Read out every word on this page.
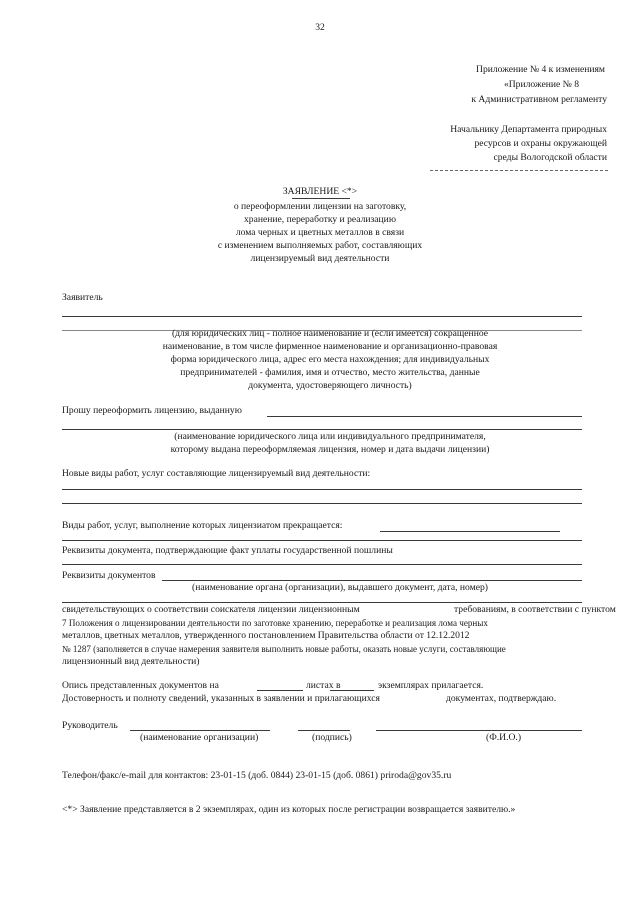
32
Приложение № 4 к изменениям
«Приложение № 8
к Административном регламенту
Начальнику Департамента природных
ресурсов и охраны окружающей
среды Вологодской области
ЗАЯВЛЕНИЕ <*>
о переоформлении лицензии на заготовку,
хранение, переработку и реализацию
лома черных и цветных металлов в связи
с изменением выполняемых работ, составляющих
лицензируемый вид деятельности
Заявитель
(для юридических лиц - полное наименование и (если имеется) сокращенное
наименование, в том числе фирменное наименование и организационно-правовая
форма юридического лица, адрес его места нахождения; для индивидуальных
предпринимателей - фамилия, имя и отчество, место жительства, данные
документа, удостоверяющего личность)
Прошу переоформить лицензию, выданную
(наименование юридического лица или индивидуального предпринимателя,
которому выдана переоформляемая лицензия, номер и дата выдачи лицензии)
Новые виды работ, услуг составляющие лицензируемый вид деятельности:
Виды работ, услуг, выполнение которых лицензиатом прекращается:
Реквизиты документа, подтверждающие факт уплаты государственной пошлины
Реквизиты документов
(наименование органа (организации), выдавшего документ, дата, номер)
свидетельствующих о соответствии соискателя лицензии лицензионным	требованиям, в соответствии с пунктом
7 Положения о лицензировании деятельности по заготовке хранению, переработке и реализация лома черных
металлов, цветных металлов, утвержденного постановлением Правительства области от 12.12.2012
№ 1287 (заполняется в случае намерения заявителя выполнить новые работы, оказать новые услуги, составляющие
лицензионный вид деятельности)
Опись представленных документов на	листах в	экземплярах прилагается.
Достоверность и полноту сведений, указанных в заявлении и прилагающихся	документах, подтверждаю.
Руководитель
(наименование организации)	(подпись)	(Ф.И.О.)
Телефон/факс/e-mail для контактов: 23-01-15 (доб. 0844) 23-01-15 (доб. 0861) priroda@gov35.ru
<*> Заявление представляется в 2 экземплярах, один из которых после регистрации возвращается заявителю.»
